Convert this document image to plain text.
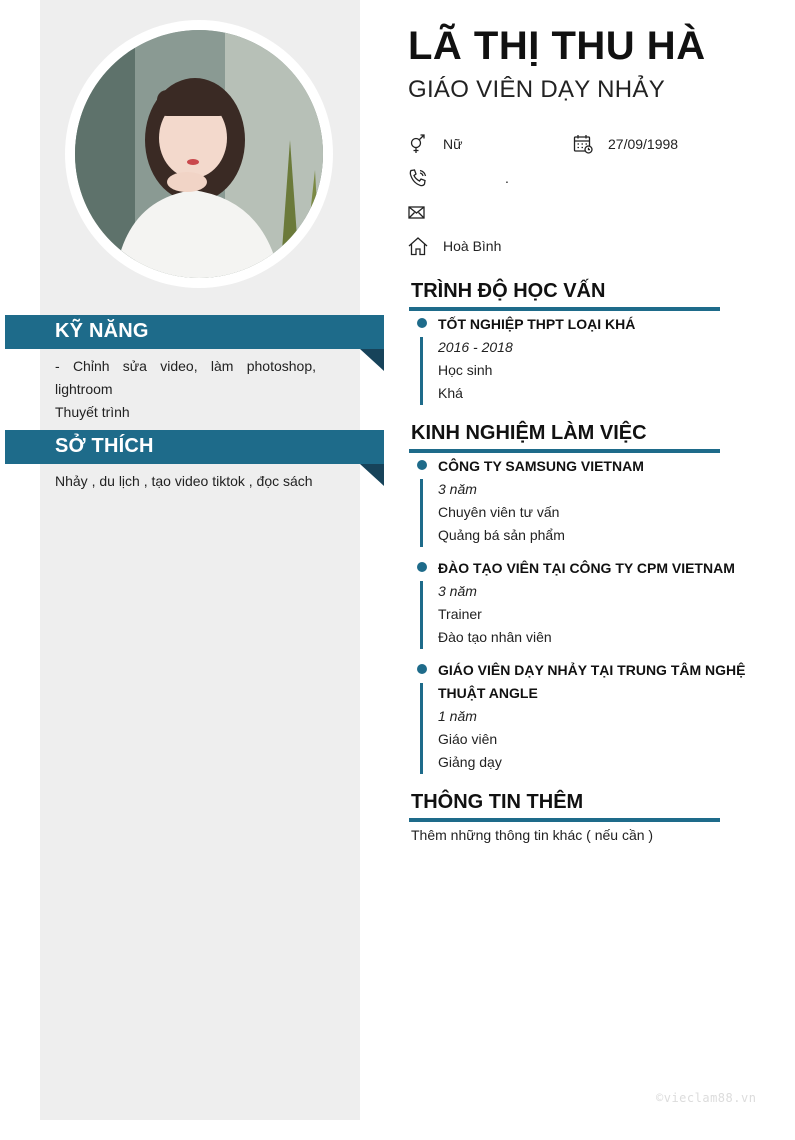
KỸ NĂNG

- Chỉnh sửa video, làm photoshop, lightroom

Thuyết trình

SỞ THÍCH

Nhảy , du lịch , tạo video tiktok , đọc sách

LÃ THỊ THU HÀ
GIÁO VIÊN DẠY NHẢY
Nữ	27/09/1998
.
Hoà Bình
TRÌNH ĐỘ HỌC VẤN
TỐT NGHIỆP THPT LOẠI KHÁ
2016 - 2018
Học sinh
Khá
KINH NGHIỆM LÀM VIỆC
CÔNG TY SAMSUNG VIETNAM
3 năm
Chuyên viên tư vấn
Quảng bá sản phẩm
ĐÀO TẠO VIÊN TẠI CÔNG TY CPM VIETNAM
3 năm
Trainer
Đào tạo nhân viên
GIÁO VIÊN DẠY NHẢY TẠI TRUNG TÂM NGHỆ THUẬT ANGLE
1 năm
Giáo viên
Giảng dạy
THÔNG TIN THÊM
Thêm những thông tin khác ( nếu cần )
©vieclam88.vn
